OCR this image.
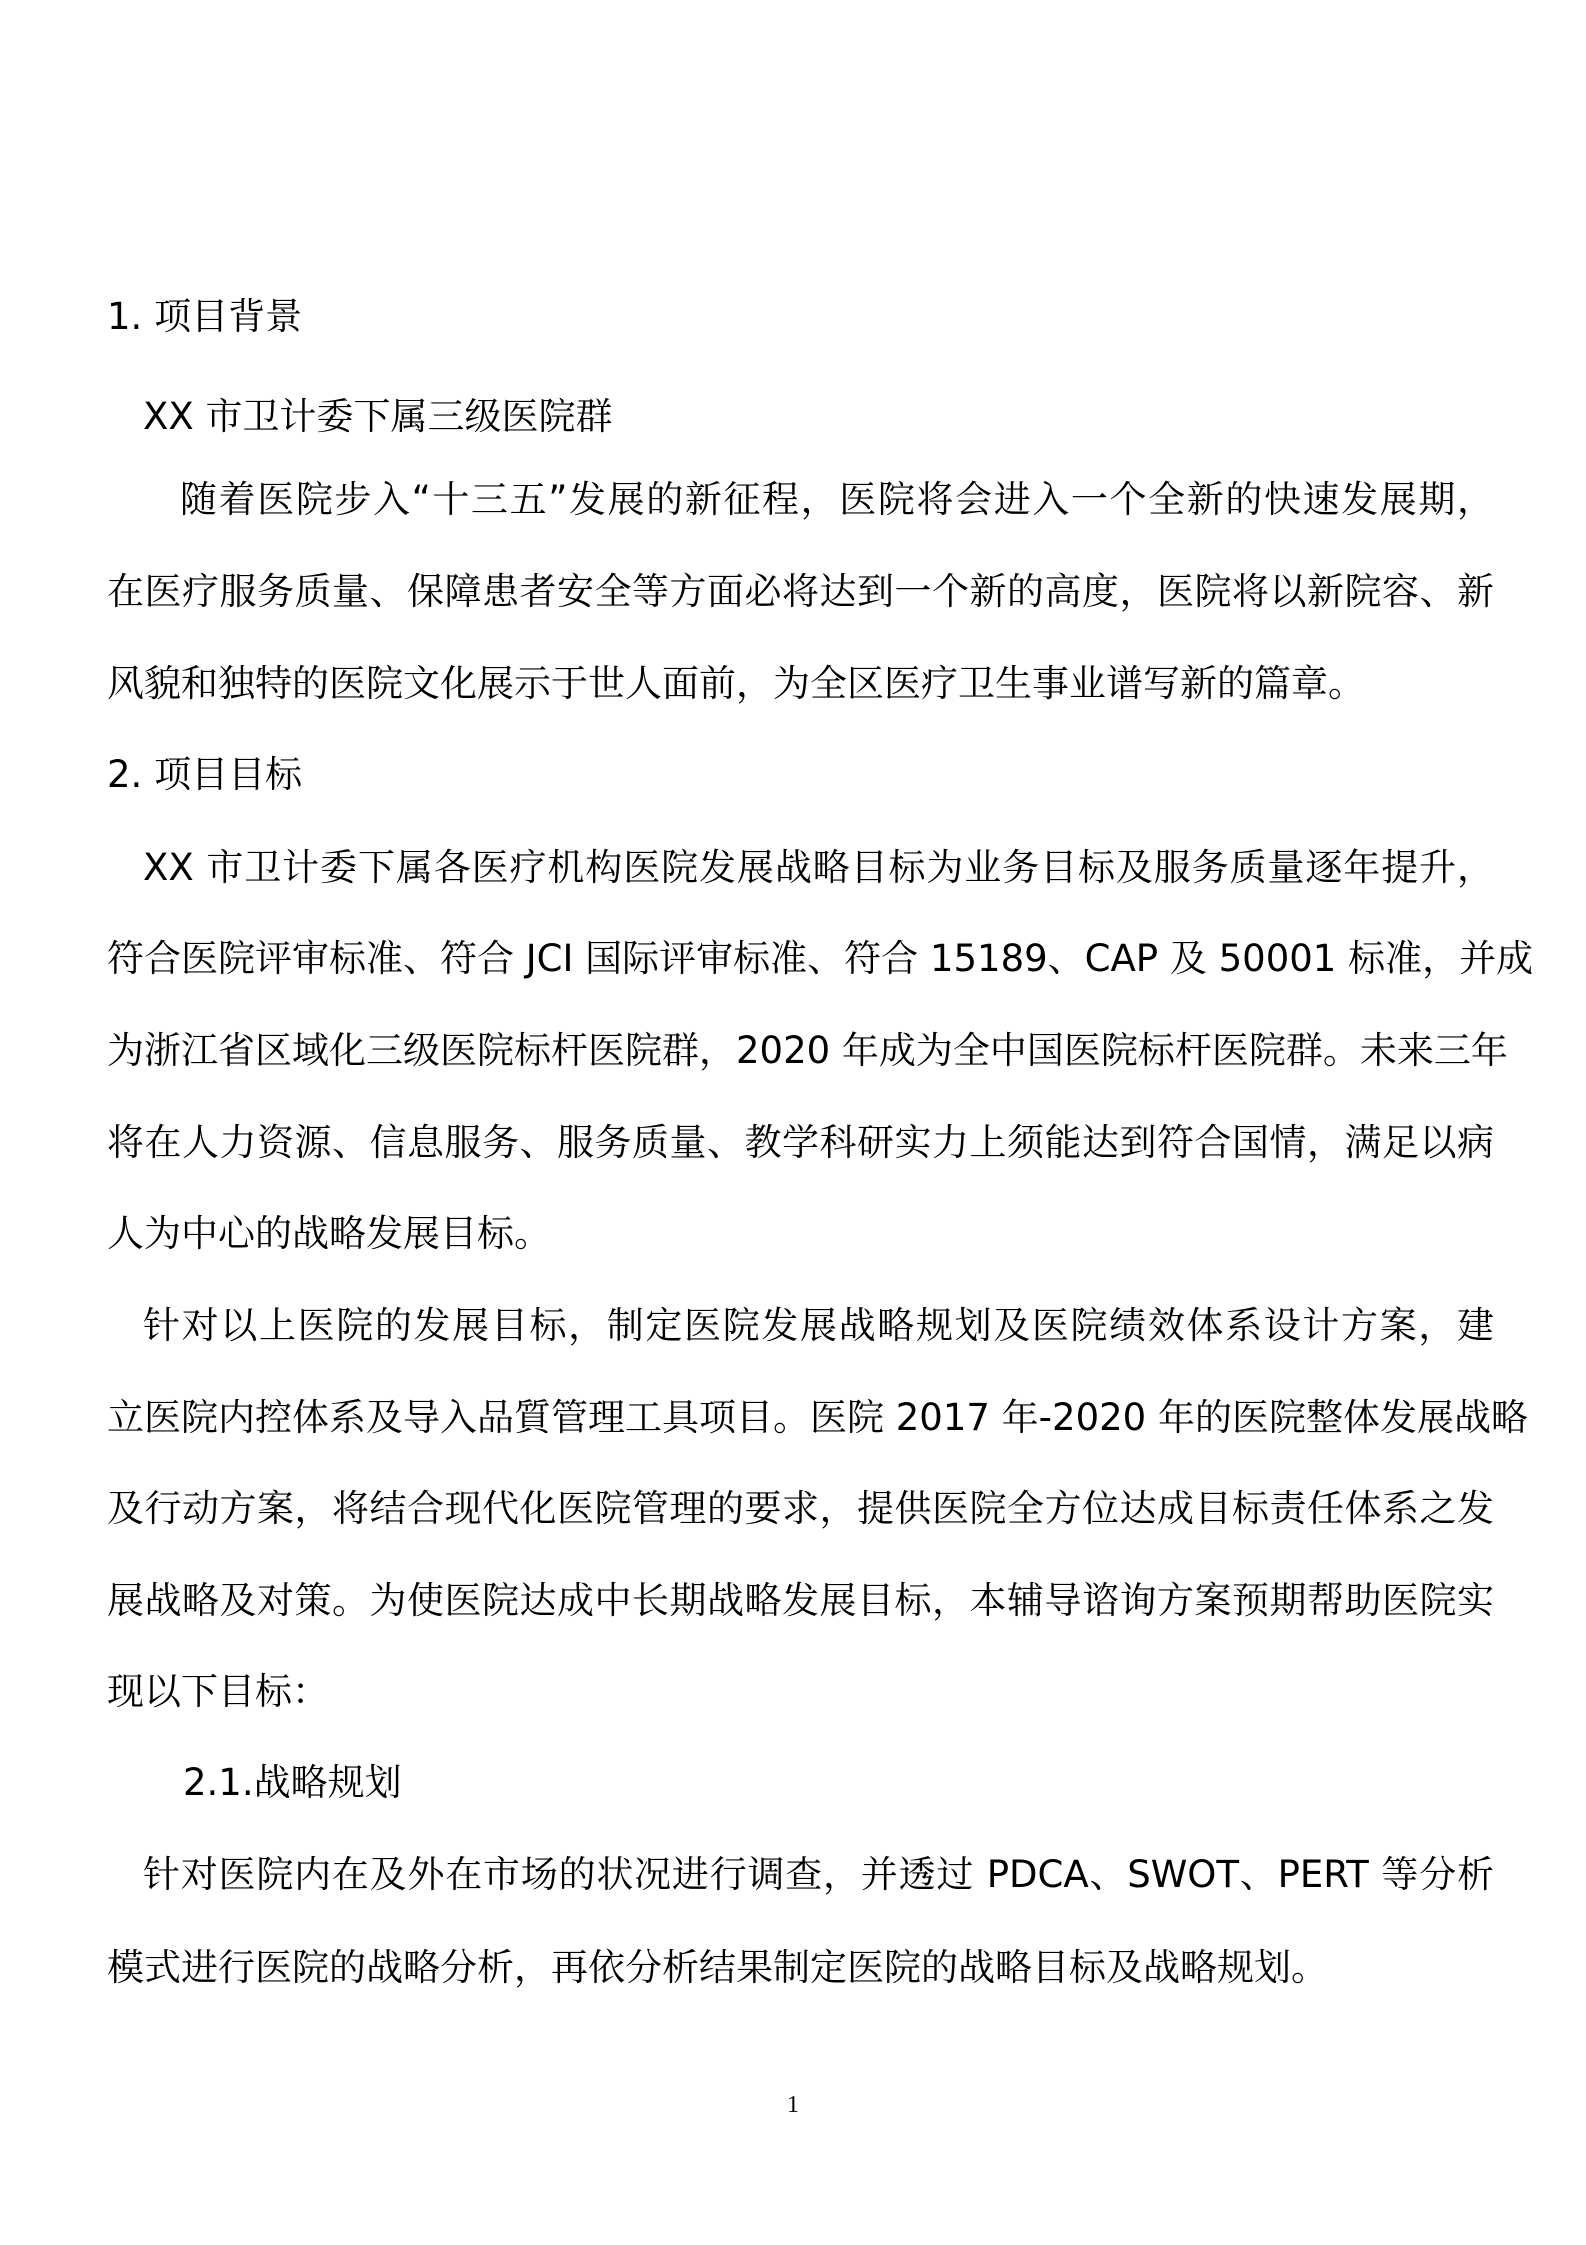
1. 项目背景
XX 市卫计委下属三级医院群
随着医院步入“十三五”发展的新征程，医院将会进入一个全新的快速发展期，
在医疗服务质量、保障患者安全等方面必将达到一个新的高度，医院将以新院容、新
风貌和独特的医院文化展示于世人面前，为全区医疗卫生事业谱写新的篇章。
2. 项目目标
XX 市卫计委下属各医疗机构医院发展战略目标为业务目标及服务质量逐年提升，
符合医院评审标准、符合 JCI 国际评审标准、符合 15189、CAP 及 50001 标准，并成
为浙江省区域化三级医院标杆医院群，2020 年成为全中国医院标杆医院群。未来三年
将在人力资源、信息服务、服务质量、教学科研实力上须能达到符合国情，满足以病
人为中心的战略发展目标。
针对以上医院的发展目标，制定医院发展战略规划及医院绩效体系设计方案，建
立医院内控体系及导入品質管理工具项目。医院 2017 年-2020 年的医院整体发展战略
及行动方案，将结合现代化医院管理的要求，提供医院全方位达成目标责任体系之发
展战略及对策。为使医院达成中长期战略发展目标，本辅导谘询方案预期帮助医院实
现以下目标：
2.1.战略规划
针对医院内在及外在市场的状况进行调查，并透过 PDCA、SWOT、PERT 等分析
模式进行医院的战略分析，再依分析结果制定医院的战略目标及战略规划。
1
